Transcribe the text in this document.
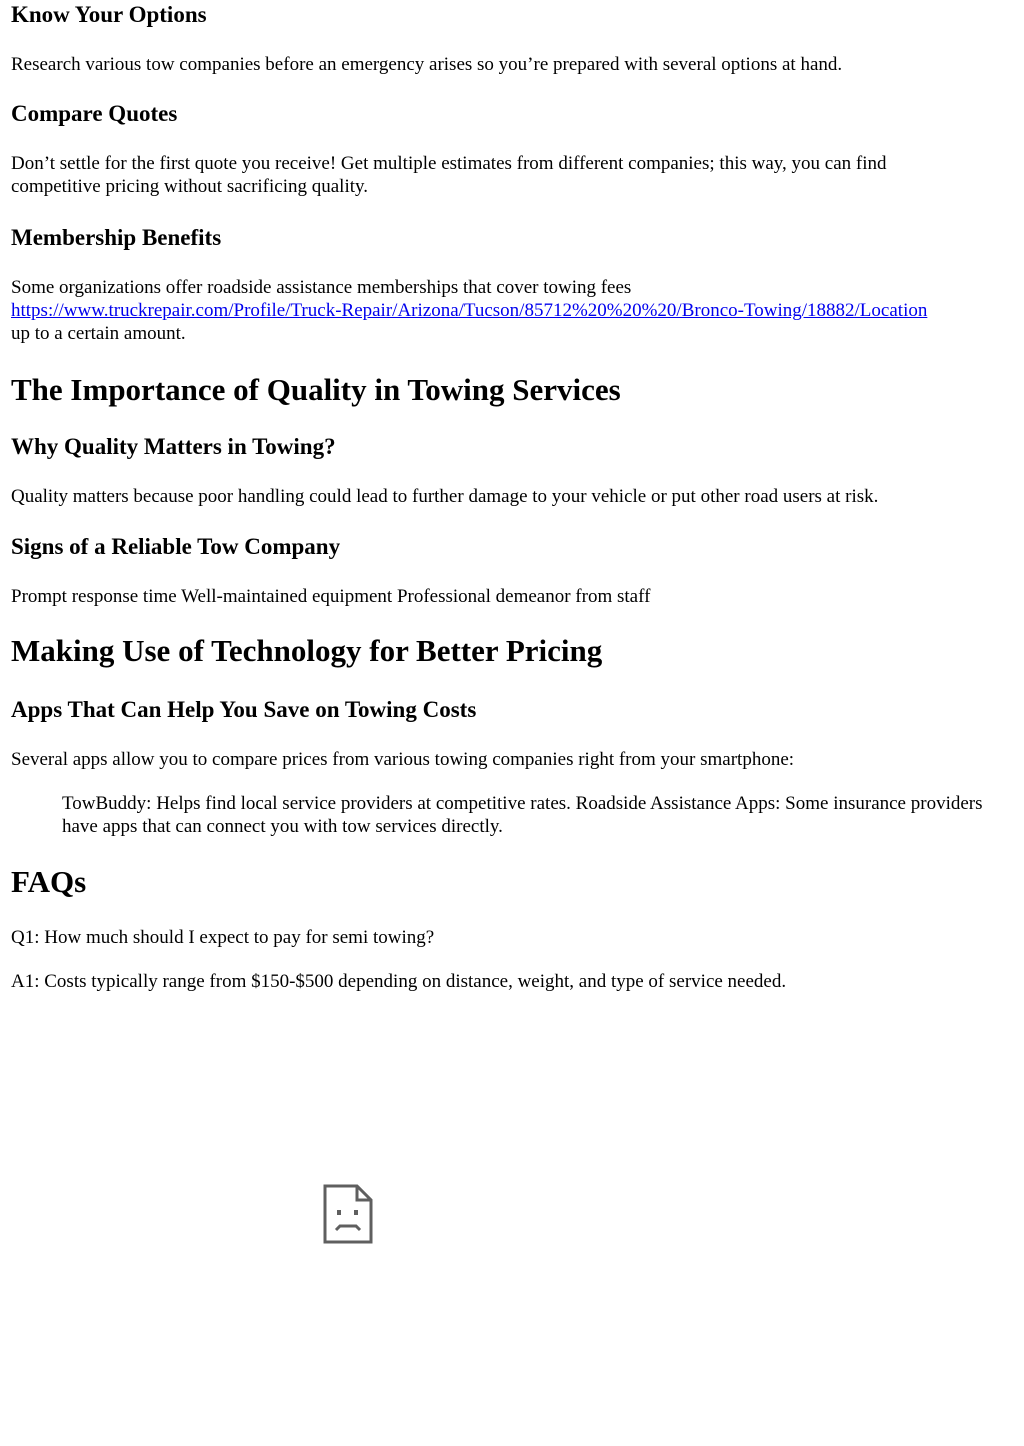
Know Your Options

Research various tow companies before an emergency arises so you’re prepared with several options at hand.

Compare Quotes

Don’t settle for the first quote you receive! Get multiple estimates from different companies; this way, you can find competitive pricing without sacrificing quality.

Membership Benefits
Some organizations offer roadside assistance memberships that cover towing fees
https://www.truckrepair.com/Profile/Truck-Repair/Arizona/Tucson/85712%20%20%20/Bronco-Towing/18882/Location
up to a certain amount.
The Importance of Quality in Towing Services
Why Quality Matters in Towing?

Quality matters because poor handling could lead to further damage to your vehicle or put other road users at risk.

Signs of a Reliable Tow Company

Prompt response time Well-maintained equipment Professional demeanor from staff

Making Use of Technology for Better Pricing
Apps That Can Help You Save on Towing Costs

Several apps allow you to compare prices from various towing companies right from your smartphone:

TowBuddy: Helps find local service providers at competitive rates. Roadside Assistance Apps: Some insurance providers have apps that can connect you with tow services directly.
FAQs

Q1: How much should I expect to pay for semi towing?

A1: Costs typically range from $150-$500 depending on distance, weight, and type of service needed.
